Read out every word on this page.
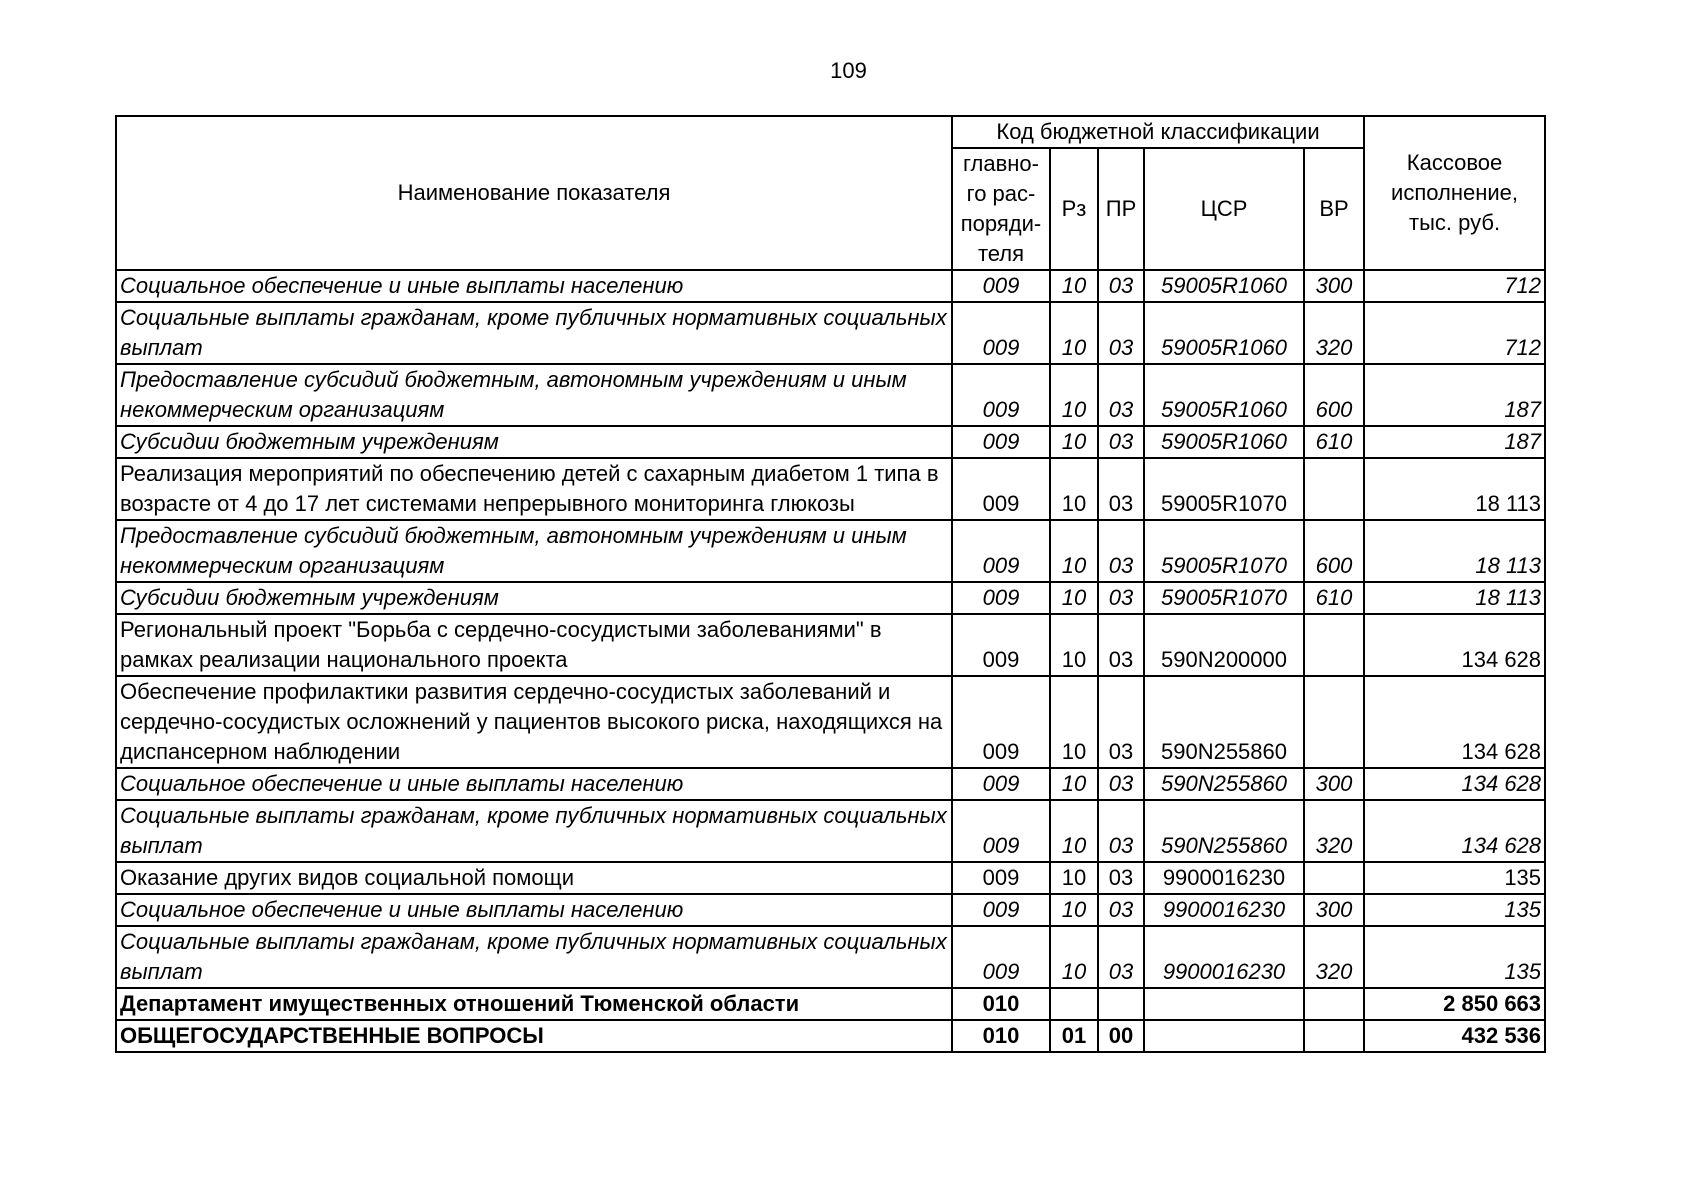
109
Наименование показателя	Код бюджетной классификации					Кассовое исполнение, тыс. руб.
	главно-го рас-поряди-теля	Рз	ПР	ЦСР	ВР	
Социальное обеспечение и иные выплаты населению	009	10	03	59005R1060	300	712
Социальные выплаты гражданам, кроме публичных нормативных социальных выплат	009	10	03	59005R1060	320	712
Предоставление субсидий бюджетным, автономным учреждениям и иным некоммерческим организациям	009	10	03	59005R1060	600	187
Субсидии бюджетным учреждениям	009	10	03	59005R1060	610	187
Реализация мероприятий по обеспечению детей с сахарным диабетом 1 типа в возрасте от 4 до 17 лет системами непрерывного мониторинга глюкозы	009	10	03	59005R1070		18 113
Предоставление субсидий бюджетным, автономным учреждениям и иным некоммерческим организациям	009	10	03	59005R1070	600	18 113
Субсидии бюджетным учреждениям	009	10	03	59005R1070	610	18 113
Региональный проект "Борьба с сердечно-сосудистыми заболеваниями" в рамках реализации национального проекта	009	10	03	590N200000		134 628
Обеспечение профилактики развития сердечно-сосудистых заболеваний и сердечно-сосудистых осложнений у пациентов высокого риска, находящихся на диспансерном наблюдении	009	10	03	590N255860		134 628
Социальное обеспечение и иные выплаты населению	009	10	03	590N255860	300	134 628
Социальные выплаты гражданам, кроме публичных нормативных социальных выплат	009	10	03	590N255860	320	134 628
Оказание других видов социальной помощи	009	10	03	9900016230		135
Социальное обеспечение и иные выплаты населению	009	10	03	9900016230	300	135
Социальные выплаты гражданам, кроме публичных нормативных социальных выплат	009	10	03	9900016230	320	135
Департамент имущественных отношений Тюменской области	010					2 850 663
ОБЩЕГОСУДАРСТВЕННЫЕ ВОПРОСЫ	010	01	00			432 536
